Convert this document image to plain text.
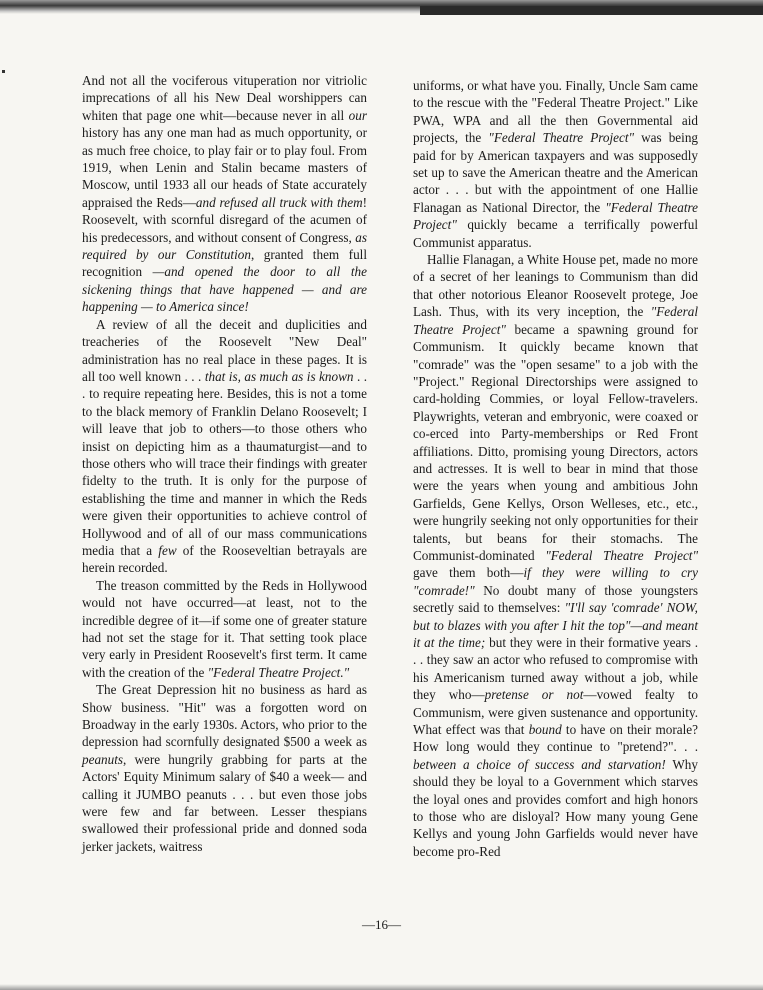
And not all the vociferous vituperation nor vitriolic imprecations of all his New Deal worshippers can whiten that page one whit—because never in all our history has any one man had as much opportunity, or as much free choice, to play fair or to play foul. From 1919, when Lenin and Stalin became masters of Moscow, until 1933 all our heads of State accurately appraised the Reds—and refused all truck with them! Roosevelt, with scornful disregard of the acumen of his predecessors, and without consent of Congress, as required by our Constitution, granted them full recognition —and opened the door to all the sickening things that have happened — and are happening — to America since!

A review of all the deceit and duplicities and treacheries of the Roosevelt "New Deal" administration has no real place in these pages. It is all too well known . . . that is, as much as is known . . . to require repeating here. Besides, this is not a tome to the black memory of Franklin Delano Roosevelt; I will leave that job to others—to those others who insist on depicting him as a thaumaturgist—and to those others who will trace their findings with greater fidelty to the truth. It is only for the purpose of establishing the time and manner in which the Reds were given their opportunities to achieve control of Hollywood and of all of our mass communications media that a few of the Rooseveltian betrayals are herein recorded.

The treason committed by the Reds in Hollywood would not have occurred—at least, not to the incredible degree of it—if some one of greater stature had not set the stage for it. That setting took place very early in President Roosevelt's first term. It came with the creation of the "Federal Theatre Project."

The Great Depression hit no business as hard as Show business. "Hit" was a forgotten word on Broadway in the early 1930s. Actors, who prior to the depression had scornfully designated $500 a week as peanuts, were hungrily grabbing for parts at the Actors' Equity Minimum salary of $40 a week— and calling it JUMBO peanuts . . . but even those jobs were few and far between. Lesser thespians swallowed their professional pride and donned soda jerker jackets, waitress

uniforms, or what have you. Finally, Uncle Sam came to the rescue with the "Federal Theatre Project." Like PWA, WPA and all the then Governmental aid projects, the "Federal Theatre Project" was being paid for by American taxpayers and was supposedly set up to save the American theatre and the American actor . . . but with the appointment of one Hallie Flanagan as National Director, the "Federal Theatre Project" quickly became a terrifically powerful Communist apparatus.

Hallie Flanagan, a White House pet, made no more of a secret of her leanings to Communism than did that other notorious Eleanor Roosevelt protege, Joe Lash. Thus, with its very inception, the "Federal Theatre Project" became a spawning ground for Communism. It quickly became known that "comrade" was the "open sesame" to a job with the "Project." Regional Directorships were assigned to card-holding Commies, or loyal Fellow-travelers. Playwrights, veteran and embryonic, were coaxed or co-erced into Party-memberships or Red Front affiliations. Ditto, promising young Directors, actors and actresses. It is well to bear in mind that those were the years when young and ambitious John Garfields, Gene Kellys, Orson Welleses, etc., etc., were hungrily seeking not only opportunities for their talents, but beans for their stomachs. The Communist-dominated "Federal Theatre Project" gave them both—if they were willing to cry "comrade!" No doubt many of those youngsters secretly said to themselves: "I'll say 'comrade' NOW, but to blazes with you after I hit the top"—and meant it at the time; but they were in their formative years . . . they saw an actor who refused to compromise with his Americanism turned away without a job, while they who—pretense or not—vowed fealty to Communism, were given sustenance and opportunity. What effect was that bound to have on their morale? How long would they continue to "pretend?". . . between a choice of success and starvation! Why should they be loyal to a Government which starves the loyal ones and provides comfort and high honors to those who are disloyal? How many young Gene Kellys and young John Garfields would never have become pro-Red

—16—
